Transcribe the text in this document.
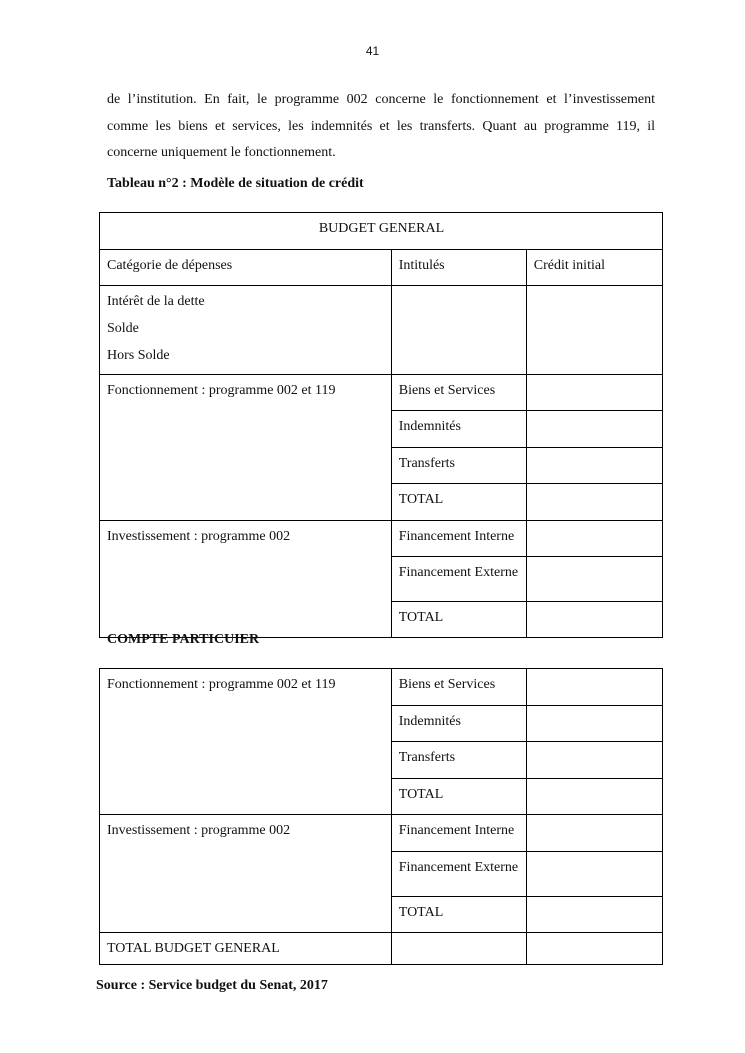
41

de l’institution. En fait, le programme 002 concerne le fonctionnement et l’investissement comme les biens et services, les indemnités et les transferts. Quant au programme 119, il concerne uniquement le fonctionnement.

Tableau n°2 : Modèle de situation de crédit

BUDGET GENERAL		
Catégorie de dépenses	Intitulés	Crédit initial

Intérêt de la dette
Solde
Hors Solde		

Fonctionnement : programme 002 et 119	Biens et Services	
	Indemnités	
	Transferts	
	TOTAL	
Investissement : programme 002	Financement Interne	
	Financement Externe	
	TOTAL	

COMPTE PARTICUIER

Fonctionnement : programme 002 et 119	Biens et Services	
	Indemnités	
	Transferts	
	TOTAL	
Investissement : programme 002	Financement Interne	
	Financement Externe	
	TOTAL	
TOTAL BUDGET GENERAL		

Source : Service budget du Senat, 2017
